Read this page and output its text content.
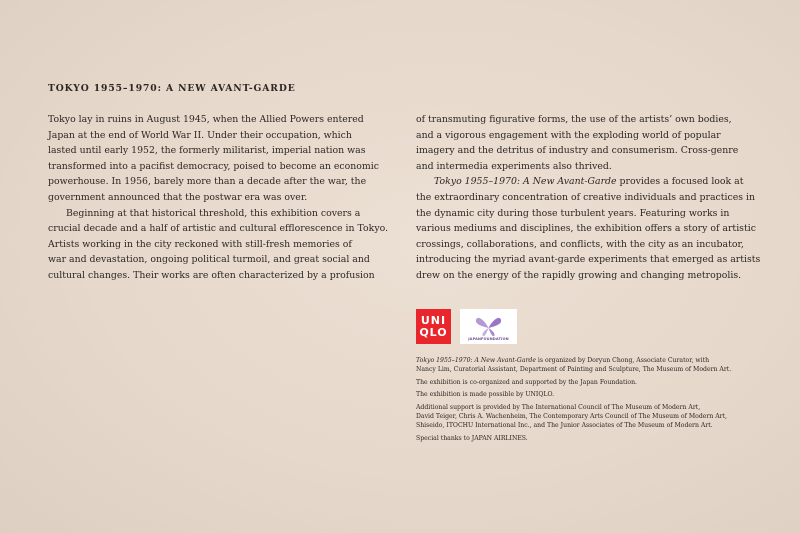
TOKYO 1955–1970: A NEW AVANT-GARDE

Tokyo lay in ruins in August 1945, when the Allied Powers entered
Japan at the end of World War II. Under their occupation, which
lasted until early 1952, the formerly militarist, imperial nation was
transformed into a pacifist democracy, poised to become an economic
powerhouse. In 1956, barely more than a decade after the war, the
government announced that the postwar era was over.

Beginning at that historical threshold, this exhibition covers a
crucial decade and a half of artistic and cultural efflorescence in Tokyo.
Artists working in the city reckoned with still-fresh memories of
war and devastation, ongoing political turmoil, and great social and
cultural changes. Their works are often characterized by a profusion

of transmuting figurative forms, the use of the artists’ own bodies,
and a vigorous engagement with the exploding world of popular
imagery and the detritus of industry and consumerism. Cross-genre
and intermedia experiments also thrived.

Tokyo 1955–1970: A New Avant-Garde provides a focused look at
the extraordinary concentration of creative individuals and practices in
the dynamic city during those turbulent years. Featuring works in
various mediums and disciplines, the exhibition offers a story of artistic
crossings, collaborations, and conflicts, with the city as an incubator,
introducing the myriad avant-garde experiments that emerged as artists
drew on the energy of the rapidly growing and changing metropolis.

UNI
QLO
JAPANFOUNDATION

Tokyo 1955–1970: A New Avant-Garde is organized by Doryun Chong, Associate Curator, with
Nancy Lim, Curatorial Assistant, Department of Painting and Sculpture, The Museum of Modern Art.

The exhibition is co-organized and supported by the Japan Foundation.

The exhibition is made possible by UNIQLO.

Additional support is provided by The International Council of The Museum of Modern Art,
David Teiger, Chris A. Wachenheim, The Contemporary Arts Council of The Museum of Modern Art,
Shiseido, ITOCHU International Inc., and The Junior Associates of The Museum of Modern Art.

Special thanks to JAPAN AIRLINES.
